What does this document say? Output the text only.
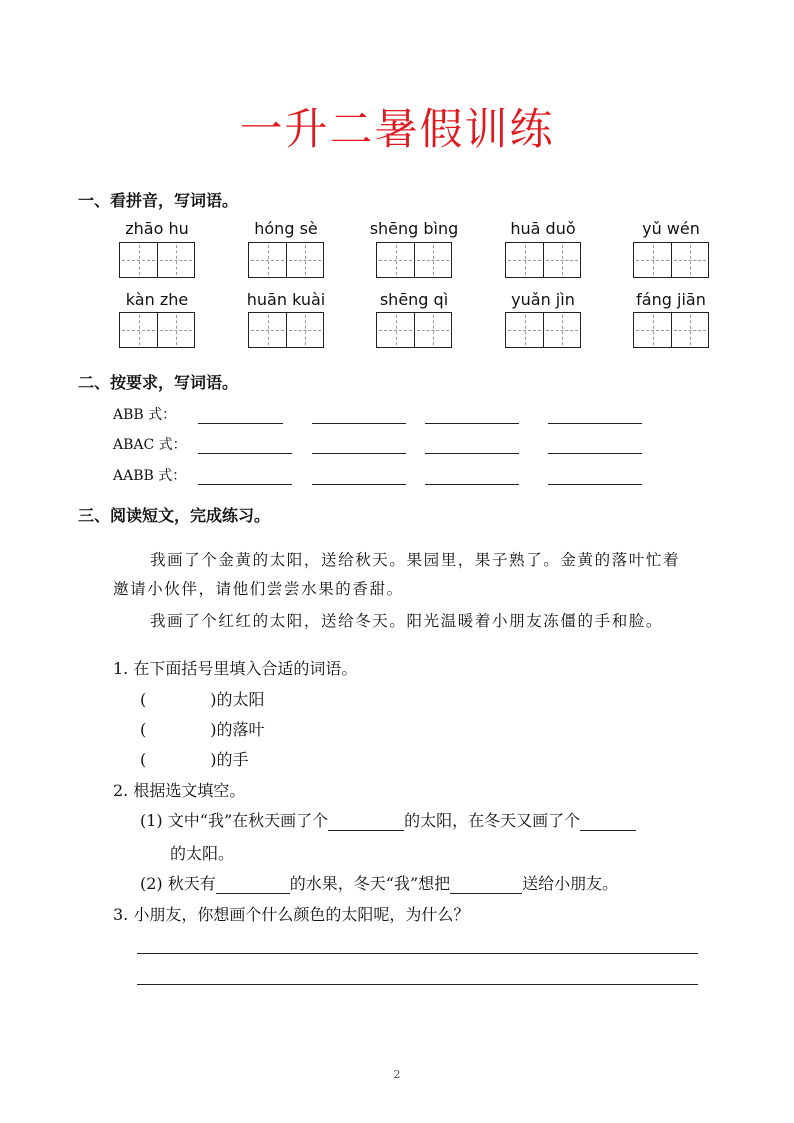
一升二暑假训练
一、看拼音，写词语。
zhāo hu	hóng sè	shēng bìng	huā duǒ	yǔ wén
kàn zhe	huān kuài	shēng qì	yuǎn jìn	fáng jiān
二、按要求，写词语。
ABB 式：
ABAC 式：
AABB 式：
三、阅读短文，完成练习。
我画了个金黄的太阳，送给秋天。果园里，果子熟了。金黄的落叶忙着
邀请小伙伴，请他们尝尝水果的香甜。
我画了个红红的太阳，送给冬天。阳光温暖着小朋友冻僵的手和脸。
1. 在下面括号里填入合适的词语。
(　　　　)的太阳
(　　　　)的落叶
(　　　　)的手
2. 根据选文填空。
(1) 文中“我”在秋天画了个	的太阳，在冬天又画了个
的太阳。
(2) 秋天有	的水果，冬天“我”想把	送给小朋友。
3. 小朋友，你想画个什么颜色的太阳呢，为什么？
2
